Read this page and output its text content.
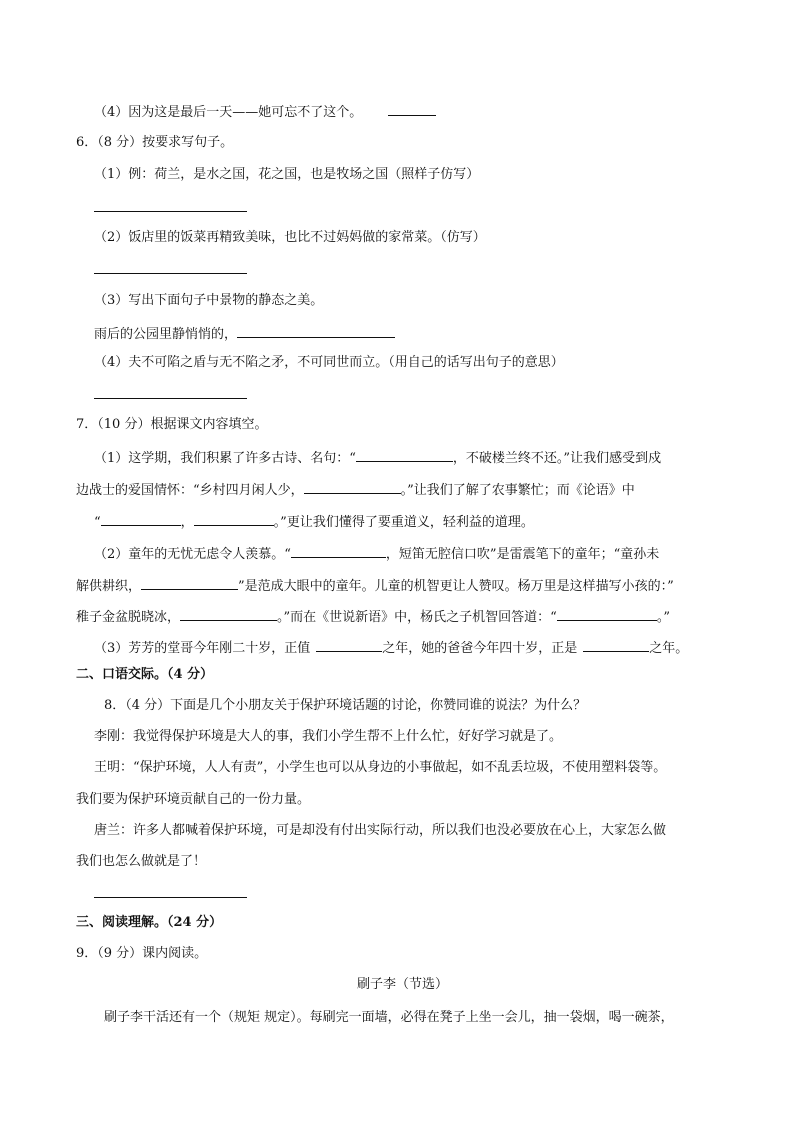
（4）因为这是最后一天——她可忘不了这个。
6．（8 分）按要求写句子。
（1）例：荷兰，是水之国，花之国，也是牧场之国（照样子仿写）
（2）饭店里的饭菜再精致美味，也比不过妈妈做的家常菜。（仿写）
（3）写出下面句子中景物的静态之美。
雨后的公园里静悄悄的，
（4）夫不可陷之盾与无不陷之矛，不可同世而立。（用自己的话写出句子的意思）
7．（10 分）根据课文内容填空。
（1）这学期，我们积累了许多古诗、名句：“	，不破楼兰终不还。”让我们感受到戍
边战士的爱国情怀：“乡村四月闲人少，	。”让我们了解了农事繁忙；而《论语》中
“	，	。”更让我们懂得了要重道义，轻利益的道理。
（2）童年的无忧无虑令人羡慕。“	，短笛无腔信口吹”是雷震笔下的童年；“童孙未
解供耕织，	”是范成大眼中的童年。儿童的机智更让人赞叹。杨万里是这样描写小孩的：”
稚子金盆脱晓冰，	。”而在《世说新语》中，杨氏之子机智回答道：“	。”
（3）芳芳的堂哥今年刚二十岁，正值	之年，她的爸爸今年四十岁，正是	之年。
二、口语交际。（4 分）
8．（4 分）下面是几个小朋友关于保护环境话题的讨论，你赞同谁的说法？为什么？
李刚：我觉得保护环境是大人的事，我们小学生帮不上什么忙，好好学习就是了。
王明：“保护环境，人人有责”，小学生也可以从身边的小事做起，如不乱丢垃圾，不使用塑料袋等。
我们要为保护环境贡献自己的一份力量。
唐兰：许多人都喊着保护环境，可是却没有付出实际行动，所以我们也没必要放在心上，大家怎么做
我们也怎么做就是了！
三、阅读理解。（24 分）
9．（9 分）课内阅读。
刷子李（节选）
刷子李干活还有一个（规矩 规定）。每刷完一面墙，必得在凳子上坐一会儿，抽一袋烟，喝一碗茶，
